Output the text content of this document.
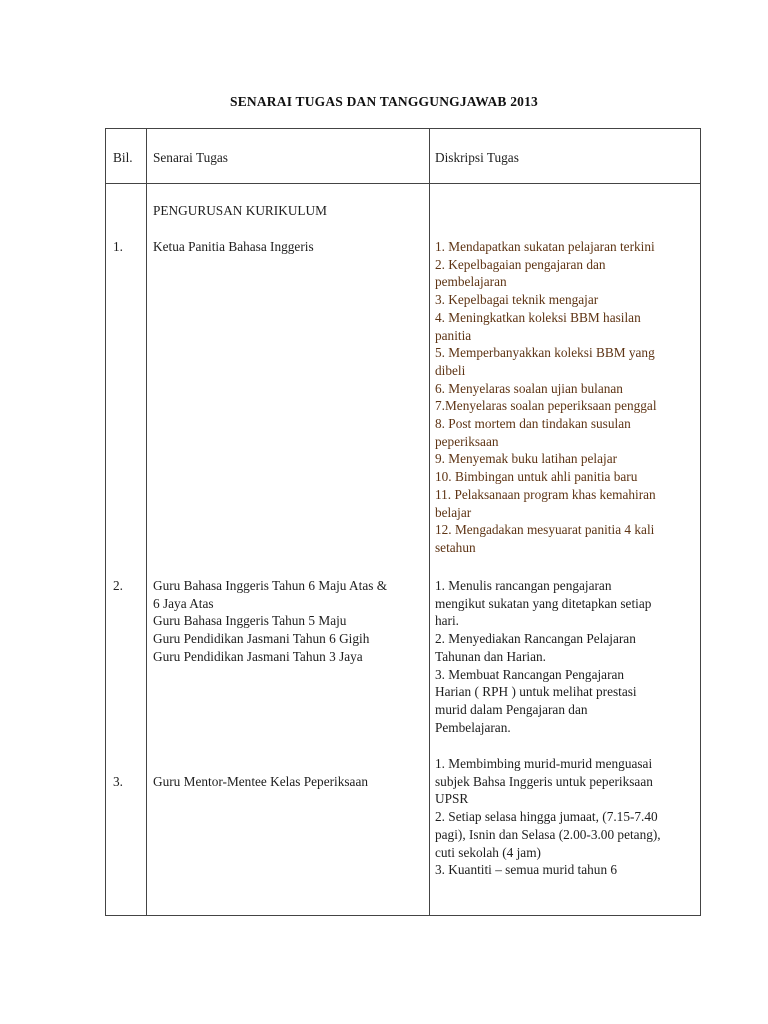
SENARAI TUGAS DAN TANGGUNGJAWAB 2013
Bil. Senarai Tugas	Diskripsi Tugas
PENGURUSAN KURIKULUM
1. Ketua Panitia Bahasa Inggeris	1. Mendapatkan sukatan pelajaran terkini
2. Kepelbagaian pengajaran dan
pembelajaran
3. Kepelbagai teknik mengajar
4. Meningkatkan koleksi BBM hasilan
panitia
5. Memperbanyakkan koleksi BBM yang
dibeli
6. Menyelaras soalan ujian bulanan
7.Menyelaras soalan peperiksaan penggal
8. Post mortem dan tindakan susulan
peperiksaan
9. Menyemak buku latihan pelajar
10. Bimbingan untuk ahli panitia baru
11. Pelaksanaan program khas kemahiran
belajar
12. Mengadakan mesyuarat panitia 4 kali
setahun
2. Guru Bahasa Inggeris Tahun 6 Maju Atas &
6 Jaya Atas
Guru Bahasa Inggeris Tahun 5 Maju
Guru Pendidikan Jasmani Tahun 6 Gigih
Guru Pendidikan Jasmani Tahun 3 Jaya
1. Menulis rancangan pengajaran
mengikut sukatan yang ditetapkan setiap
hari.
2. Menyediakan Rancangan Pelajaran
Tahunan dan Harian.
3. Membuat Rancangan Pengajaran
Harian ( RPH ) untuk melihat prestasi
murid dalam Pengajaran dan
Pembelajaran.
3. Guru Mentor-Mentee Kelas Peperiksaan
1. Membimbing murid-murid menguasai
subjek Bahsa Inggeris untuk peperiksaan
UPSR
2. Setiap selasa hingga jumaat, (7.15-7.40
pagi), Isnin dan Selasa (2.00-3.00 petang),
cuti sekolah (4 jam)
3. Kuantiti – semua murid tahun 6
